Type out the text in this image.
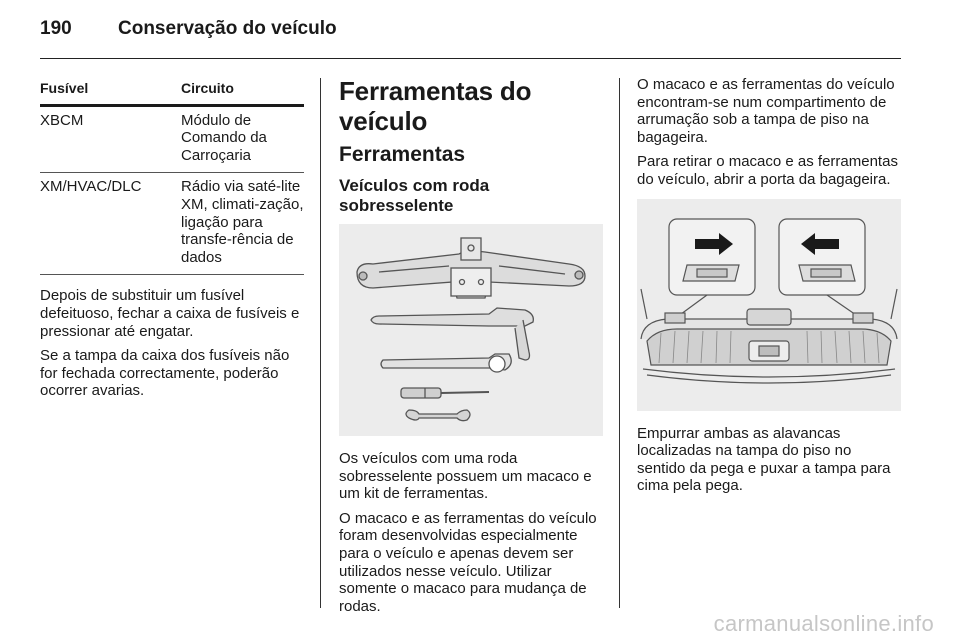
190 Conservação do veículo
Fusível	Circuito
XBCM	Módulo de Comando da Carroçaria
XM/HVAC/DLC	Rádio via saté-lite XM, climati-zação, ligação para transfe-rência de dados

Depois de substituir um fusível defeituoso, fechar a caixa de fusíveis e pressionar até engatar.

Se a tampa da caixa dos fusíveis não for fechada correctamente, poderão ocorrer avarias.

Ferramentas do veículo
Ferramentas
Veículos com roda sobresselente

Os veículos com uma roda sobresselente possuem um macaco e um kit de ferramentas.

O macaco e as ferramentas do veículo foram desenvolvidas especialmente para o veículo e apenas devem ser utilizados nesse veículo. Utilizar somente o macaco para mudança de rodas.

O macaco e as ferramentas do veículo encontram-se num compartimento de arrumação sob a tampa de piso na bagageira.

Para retirar o macaco e as ferramentas do veículo, abrir a porta da bagageira.

Empurrar ambas as alavancas localizadas na tampa do piso no sentido da pega e puxar a tampa para cima pela pega.

carmanualsonline.info
